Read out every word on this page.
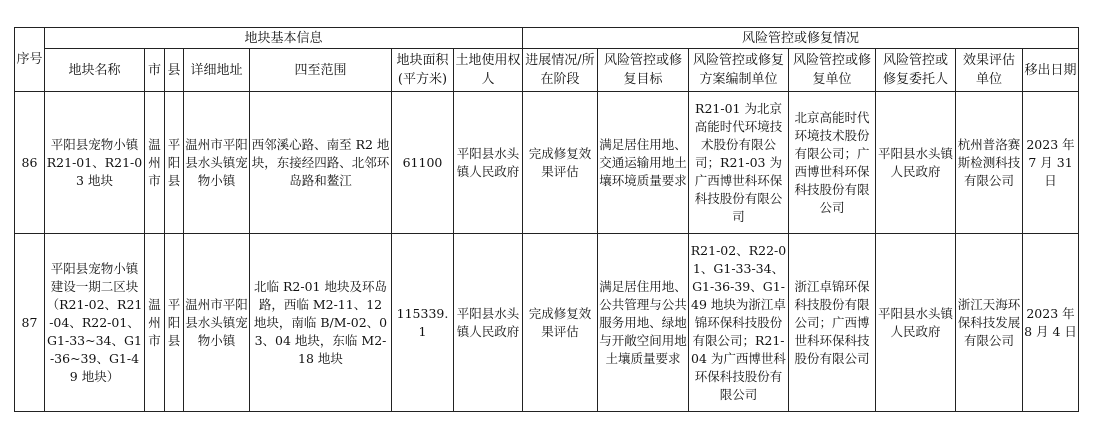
序号	地块基本信息							风险管控或修复情况						
	地块名称	市	县	详细地址	四至范围	地块面积(平方米)	土地使用权人	进展情况/所在阶段	风险管控或修复目标	风险管控或修复方案编制单位	风险管控或修复单位	风险管控或修复委托人	效果评估单位	移出日期
86	平阳县宠物小镇 R21-01、R21-03 地块	温州市	平阳县	温州市平阳县水头镇宠物小镇	西邻溪心路、南至 R2 地块，东接经四路、北邻环岛路和鳌江	61100	平阳县水头镇人民政府	完成修复效果评估	满足居住用地、交通运输用地土壤环境质量要求	R21-01 为北京高能时代环境技术股份有限公司；R21-03 为广西博世科环保科技股份有限公司	北京高能时代环境技术股份有限公司；广西博世科环保科技股份有限公司	平阳县水头镇人民政府	杭州普洛赛斯检测科技有限公司	2023 年 7 月 31 日
87	平阳县宠物小镇建设一期二区块（R21-02、R21-04、R22-01、G1-33~34、G1-36~39、G1-49 地块）	温州市	平阳县	温州市平阳县水头镇宠物小镇	北临 R2-01 地块及环岛路，西临 M2-11、12 地块，南临 B/M-02、03、04 地块，东临 M2-18 地块	115339.1	平阳县水头镇人民政府	完成修复效果评估	满足居住用地、公共管理与公共服务用地、绿地与开敞空间用地土壤质量要求	R21-02、R22-01、G1-33-34、G1-36-39、G1-49 地块为浙江卓锦环保科技股份有限公司；R21-04 为广西博世科环保科技股份有限公司	浙江卓锦环保科技股份有限公司；广西博世科环保科技股份有限公司	平阳县水头镇人民政府	浙江天海环保科技发展有限公司	2023 年 8 月 4 日
